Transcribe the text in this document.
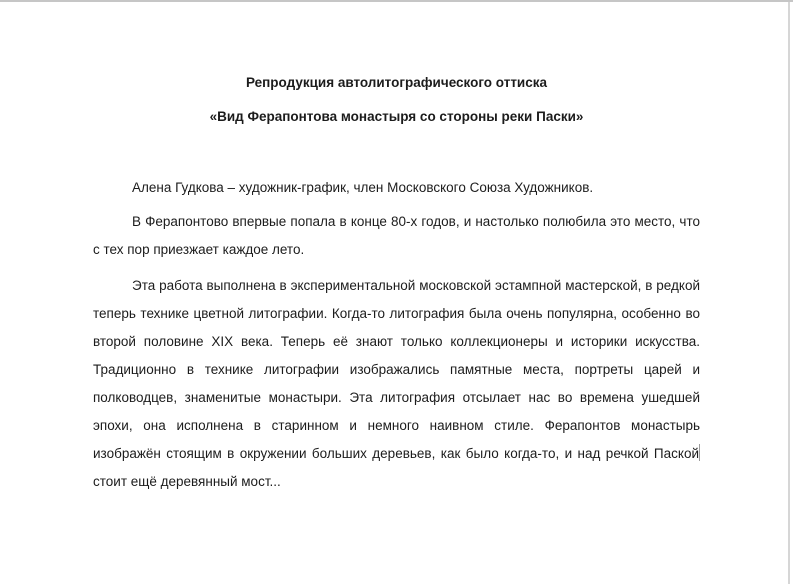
Репродукция автолитографического оттиска

«Вид Ферапонтова монастыря со стороны реки Паски»

Алена Гудкова – художник-график, член Московского Союза Художников.

В Ферапонтово впервые попала в конце 80-х годов, и настолько полюбила это место, что с тех пор приезжает каждое лето.

Эта работа выполнена в экспериментальной московской эстампной мастерской, в редкой теперь технике цветной литографии. Когда-то литография была очень популярна, особенно во второй половине XIX века. Теперь её знают только коллекционеры и историки искусства. Традиционно в технике литографии изображались памятные места, портреты царей и полководцев, знаменитые монастыри. Эта литография отсылает нас во времена ушедшей эпохи, она исполнена в старинном и немного наивном стиле. Ферапонтов монастырь изображён стоящим в окружении больших деревьев, как было когда-то, и над речкой Паской стоит ещё деревянный мост...
